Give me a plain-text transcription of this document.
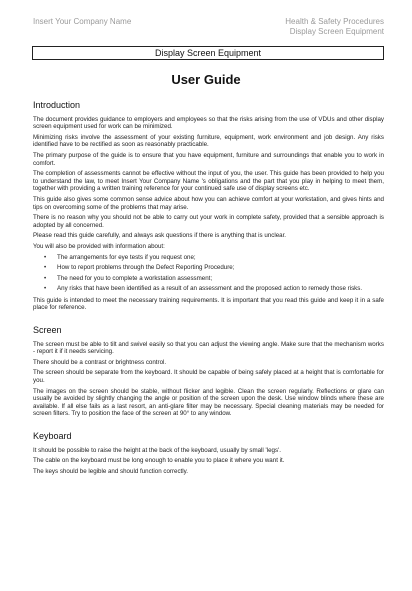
Insert Your Company Name	Health & Safety Procedures
Display Screen Equipment
Display Screen Equipment
User Guide
Introduction

The document provides guidance to employers and employees so that the risks arising from the use of VDUs and other display screen equipment used for work can be minimized.

Minimizing risks involve the assessment of your existing furniture, equipment, work environment and job design. Any risks identified have to be rectified as soon as reasonably practicable.

The primary purpose of the guide is to ensure that you have equipment, furniture and surroundings that enable you to work in comfort.

The completion of assessments cannot be effective without the input of you, the user. This guide has been provided to help you to understand the law, to meet Insert Your Company Name 's obligations and the part that you play in helping to meet them, together with providing a written training reference for your continued safe use of display screens etc.

This guide also gives some common sense advice about how you can achieve comfort at your workstation, and gives hints and tips on overcoming some of the problems that may arise.

There is no reason why you should not be able to carry out your work in complete safety, provided that a sensible approach is adopted by all concerned.

Please read this guide carefully, and always ask questions if there is anything that is unclear.

You will also be provided with information about:

• The arrangements for eye tests if you request one;
• How to report problems through the Defect Reporting Procedure;
• The need for you to complete a workstation assessment;
• Any risks that have been identified as a result of an assessment and the proposed action to remedy those risks.

This guide is intended to meet the necessary training requirements. It is important that you read this guide and keep it in a safe place for reference.

Screen

The screen must be able to tilt and swivel easily so that you can adjust the viewing angle. Make sure that the mechanism works - report it if it needs servicing.

There should be a contrast or brightness control.

The screen should be separate from the keyboard. It should be capable of being safely placed at a height that is comfortable for you.

The images on the screen should be stable, without flicker and legible. Clean the screen regularly. Reflections or glare can usually be avoided by slightly changing the angle or position of the screen upon the desk. Use window blinds where these are available. If all else fails as a last resort, an anti-glare filter may be necessary. Special cleaning materials may be needed for screen filters. Try to position the face of the screen at 90° to any window.

Keyboard

It should be possible to raise the height at the back of the keyboard, usually by small 'legs'.

The cable on the keyboard must be long enough to enable you to place it where you want it.

The keys should be legible and should function correctly.
